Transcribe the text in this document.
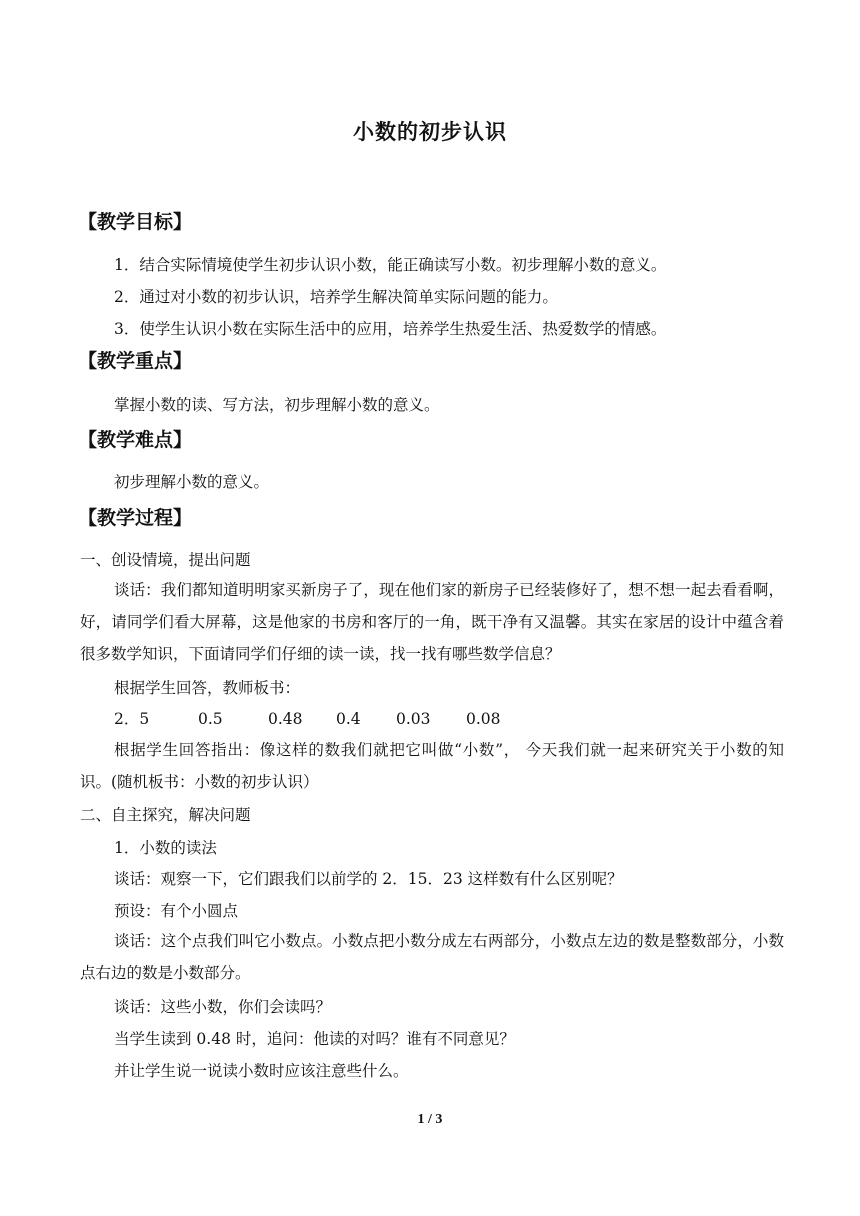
小数的初步认识
【教学目标】
1．结合实际情境使学生初步认识小数，能正确读写小数。初步理解小数的意义。
2．通过对小数的初步认识，培养学生解决简单实际问题的能力。
3．使学生认识小数在实际生活中的应用，培养学生热爱生活、热爱数学的情感。
【教学重点】
掌握小数的读、写方法，初步理解小数的意义。
【教学难点】
初步理解小数的意义。
【教学过程】
一、创设情境，提出问题
谈话：我们都知道明明家买新房子了，现在他们家的新房子已经装修好了，想不想一起去看看啊，好，请同学们看大屏幕，这是他家的书房和客厅的一角，既干净有又温馨。其实在家居的设计中蕴含着很多数学知识，下面请同学们仔细的读一读，找一找有哪些数学信息？
根据学生回答，教师板书：
2．5	0.5	0.48 0.4 0.03 0.08
根据学生回答指出：像这样的数我们就把它叫做“小数”， 今天我们就一起来研究关于小数的知识。(随机板书：小数的初步认识）
二、自主探究，解决问题
1．小数的读法
谈话：观察一下，它们跟我们以前学的 2．15．23 这样数有什么区别呢？
预设：有个小圆点
谈话：这个点我们叫它小数点。小数点把小数分成左右两部分，小数点左边的数是整数部分，小数点右边的数是小数部分。
谈话：这些小数，你们会读吗？
当学生读到 0.48 时，追问：他读的对吗？谁有不同意见？
并让学生说一说读小数时应该注意些什么。
1 / 3
